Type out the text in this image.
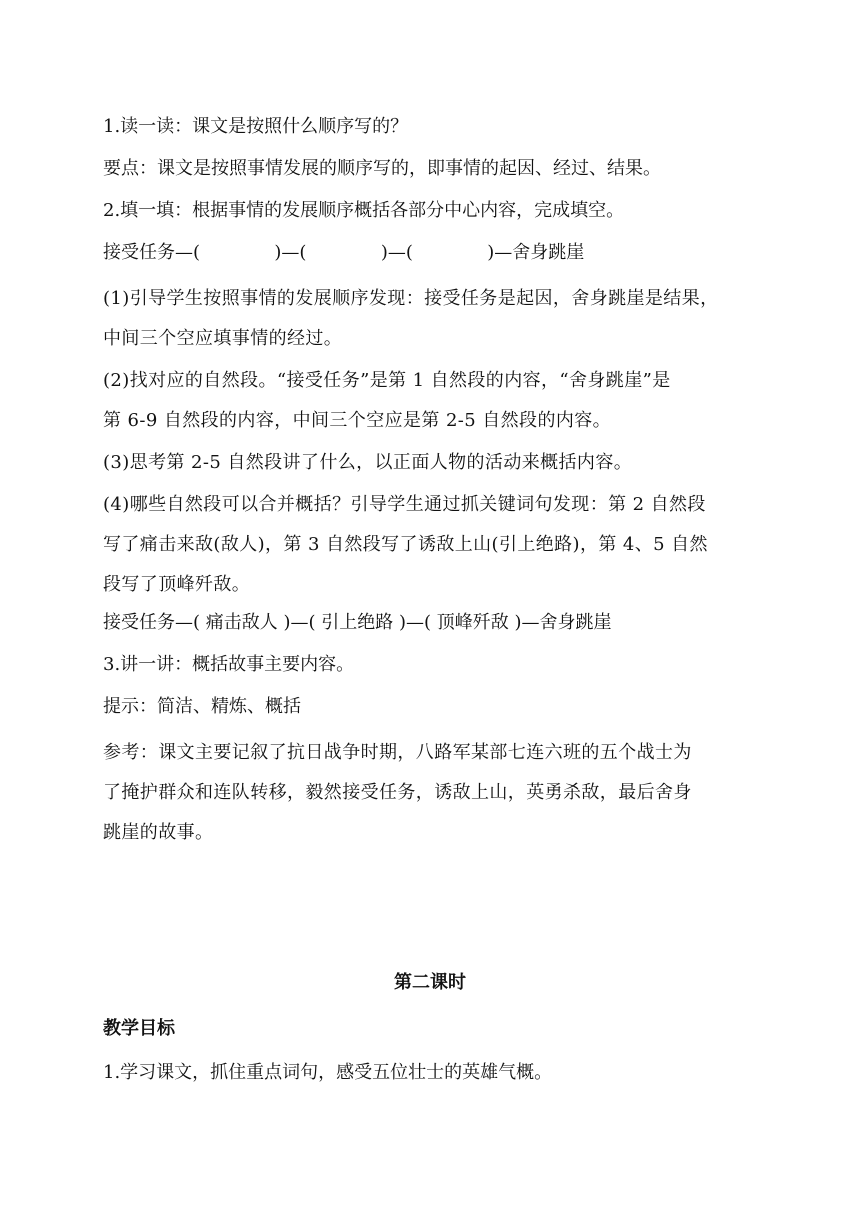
1.读一读：课文是按照什么顺序写的？
要点：课文是按照事情发展的顺序写的，即事情的起因、经过、结果。
2.填一填：根据事情的发展顺序概括各部分中心内容，完成填空。
接受任务—(             )—(             )—(             )—舍身跳崖
(1)引导学生按照事情的发展顺序发现：接受任务是起因，舍身跳崖是结果，
中间三个空应填事情的经过。
(2)找对应的自然段。“接受任务”是第 1 自然段的内容，“舍身跳崖”是
第 6-9 自然段的内容，中间三个空应是第 2-5 自然段的内容。
(3)思考第 2-5 自然段讲了什么，以正面人物的活动来概括内容。
(4)哪些自然段可以合并概括？引导学生通过抓关键词句发现：第 2 自然段
写了痛击来敌(敌人)，第 3 自然段写了诱敌上山(引上绝路)，第 4、5 自然
段写了顶峰歼敌。
接受任务—( 痛击敌人 )—( 引上绝路 )—( 顶峰歼敌 )—舍身跳崖
3.讲一讲：概括故事主要内容。
提示：简洁、精炼、概括
参考：课文主要记叙了抗日战争时期，八路军某部七连六班的五个战士为
了掩护群众和连队转移，毅然接受任务，诱敌上山，英勇杀敌，最后舍身
跳崖的故事。
第二课时
教学目标
1.学习课文，抓住重点词句，感受五位壮士的英雄气概。
